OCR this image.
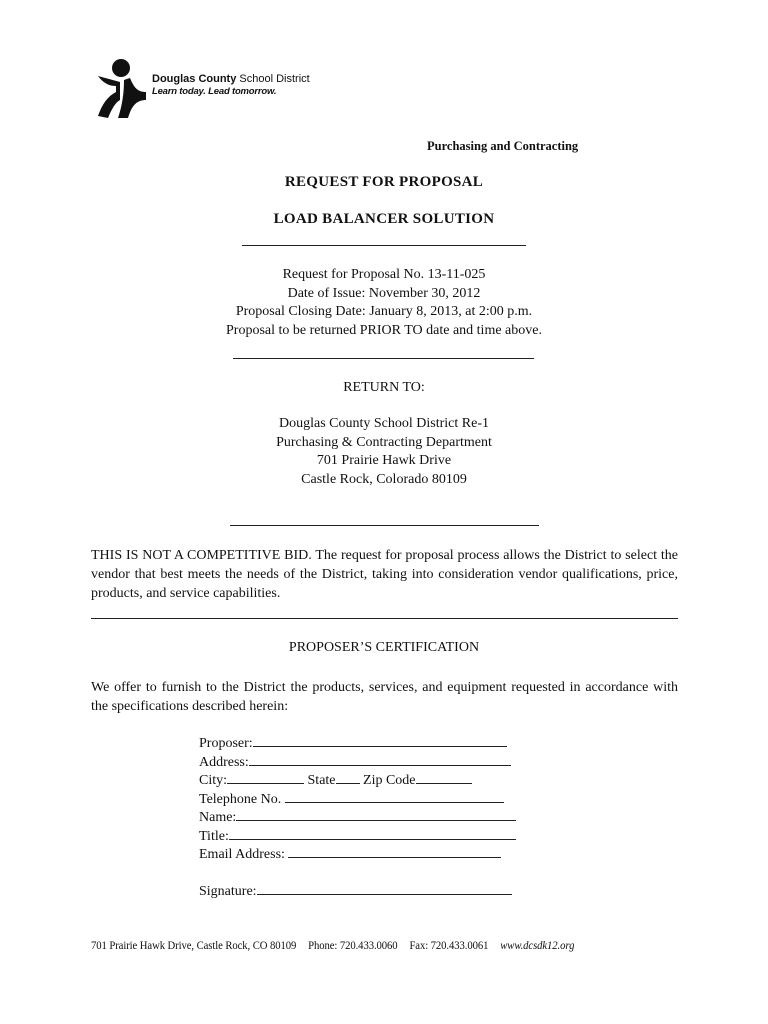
Douglas County School District
Learn today. Lead tomorrow.
Purchasing and Contracting
REQUEST FOR PROPOSAL
LOAD BALANCER SOLUTION
Request for Proposal No. 13-11-025
Date of Issue: November 30, 2012
Proposal Closing Date: January 8, 2013, at 2:00 p.m.
Proposal to be returned PRIOR TO date and time above.
RETURN TO:
Douglas County School District Re-1
Purchasing & Contracting Department
701 Prairie Hawk Drive
Castle Rock, Colorado 80109
THIS IS NOT A COMPETITIVE BID. The request for proposal process allows the District to select the vendor that best meets the needs of the District, taking into consideration vendor qualifications, price, products, and service capabilities.
PROPOSER’S CERTIFICATION
We offer to furnish to the District the products, services, and equipment requested in accordance with the specifications described herein:
Proposer:
Address:
City:	State Zip Code
Telephone No.
Name:
Title:
Email Address:
Signature:
701 Prairie Hawk Drive, Castle Rock, CO 80109 Phone: 720.433.0060 Fax: 720.433.0061 www.dcsdk12.org
